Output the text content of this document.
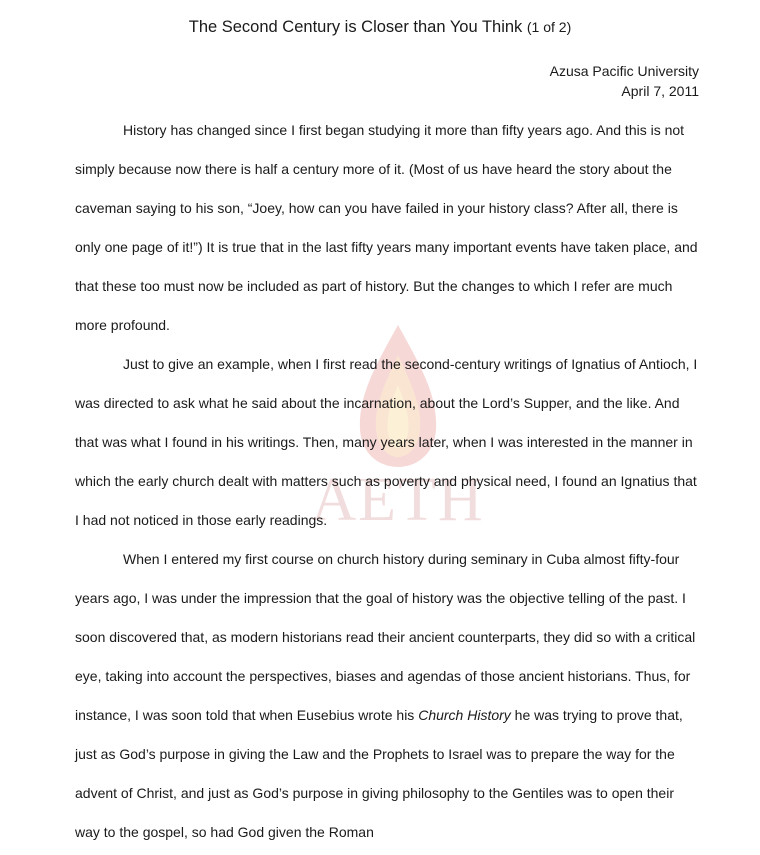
AETH
The Second Century is Closer than You Think (1 of 2)
Azusa Pacific University
April 7, 2011

History has changed since I first began studying it more than fifty years ago. And this is not simply because now there is half a century more of it. (Most of us have heard the story about the caveman saying to his son, “Joey, how can you have failed in your history class? After all, there is only one page of it!”) It is true that in the last fifty years many important events have taken place, and that these too must now be included as part of history. But the changes to which I refer are much more profound.

Just to give an example, when I first read the second-century writings of Ignatius of Antioch, I was directed to ask what he said about the incarnation, about the Lord’s Supper, and the like. And that was what I found in his writings. Then, many years later, when I was interested in the manner in which the early church dealt with matters such as poverty and physical need, I found an Ignatius that I had not noticed in those early readings.

When I entered my first course on church history during seminary in Cuba almost fifty-four years ago, I was under the impression that the goal of history was the objective telling of the past. I soon discovered that, as modern historians read their ancient counterparts, they did so with a critical eye, taking into account the perspectives, biases and agendas of those ancient historians. Thus, for instance, I was soon told that when Eusebius wrote his Church History he was trying to prove that, just as God’s purpose in giving the Law and the Prophets to Israel was to prepare the way for the advent of Christ, and just as God’s purpose in giving philosophy to the Gentiles was to open their way to the gospel, so had God given the Roman
